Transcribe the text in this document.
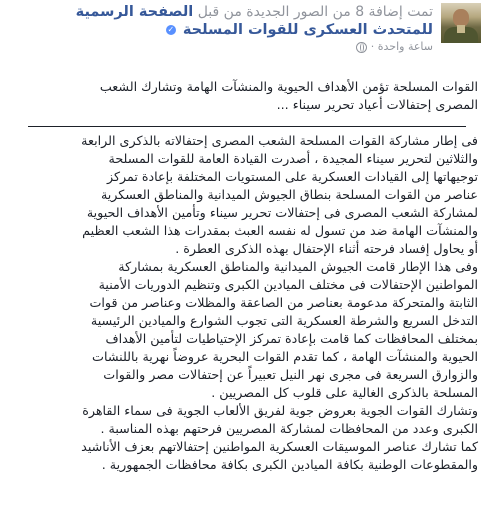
تمت إضافة 8 من الصور الجديدة من قبل الصفحة الرسمية
للمتحدث العسكرى للقوات المسلحة ✓
ساعة واحدة ·
القوات المسلحة تؤمن الأهداف الحيوية والمنشآت الهامة وتشارك الشعب
المصرى إحتفالات أعياد تحرير سيناء ...
فى إطار مشاركة القوات المسلحة الشعب المصرى إحتفالاته بالذكرى الرابعة
والثلاثين لتحرير سيناء المجيدة ، أصدرت القيادة العامة للقوات المسلحة
توجيهاتها إلى القيادات العسكرية على المستويات المختلفة بإعادة تمركز
عناصر من القوات المسلحة بنطاق الجيوش الميدانية والمناطق العسكرية
لمشاركة الشعب المصرى فى إحتفالات تحرير سيناء وتأمين الأهداف الحيوية
والمنشآت الهامة ضد من تسول له نفسه العبث بمقدرات هذا الشعب العظيم
أو يحاول إفساد فرحته أثناء الإحتفال بهذه الذكرى العطرة .
وفى هذا الإطار قامت الجيوش الميدانية والمناطق العسكرية بمشاركة
المواطنين الإحتفالات فى مختلف الميادين الكبرى وتنظيم الدوريات الأمنية
الثابتة والمتحركة مدعومة بعناصر من الصاعقة والمظلات وعناصر من قوات
التدخل السريع والشرطة العسكرية التى تجوب الشوارع والميادين الرئيسية
بمختلف المحافظات كما قامت بإعادة تمركز الإحتياطيات لتأمين الأهداف
الحيوية والمنشآت الهامة ، كما تقدم القوات البحرية عروضاً نهرية باللنشات
والزوارق السريعة فى مجرى نهر النيل تعبيراً عن إحتفالات مصر والقوات
المسلحة بالذكرى الغالية على قلوب كل المصريين .
وتشارك القوات الجوية بعروض جوية لفريق الألعاب الجوية فى سماء القاهرة
الكبرى وعدد من المحافظات لمشاركة المصريين فرحتهم بهذه المناسبة .
كما تشارك عناصر الموسيقات العسكرية المواطنين إحتفالاتهم بعزف الأناشيد
والمقطوعات الوطنية بكافة الميادين الكبرى بكافة محافظات الجمهورية .
